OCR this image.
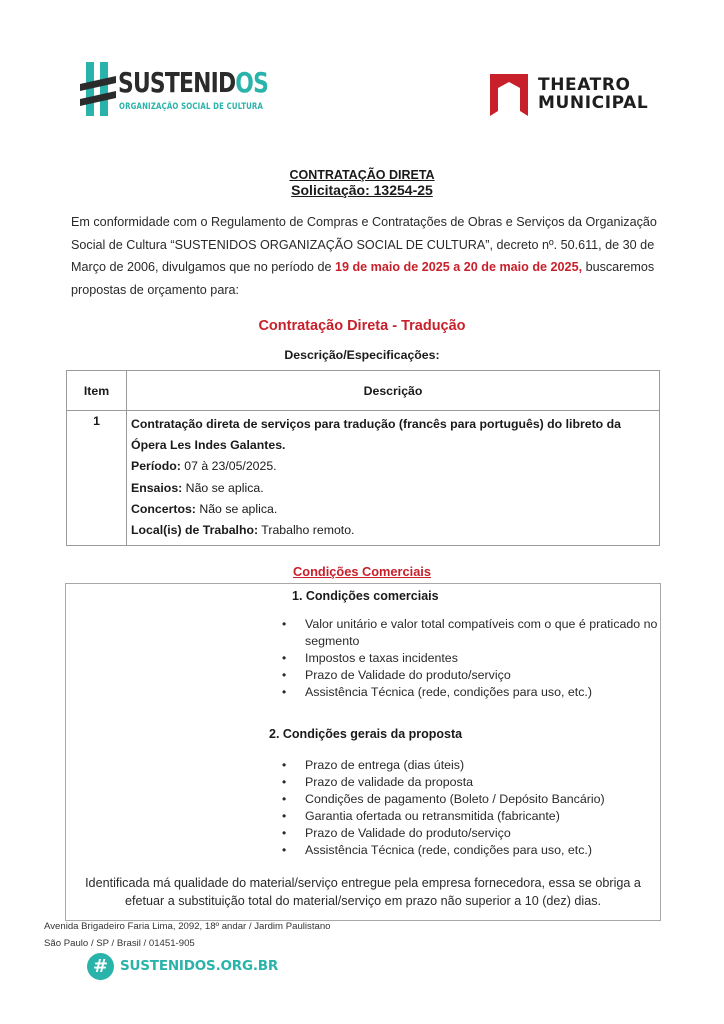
SUSTENIDOS
ORGANIZAÇÃO SOCIAL DE CULTURA
THEATRO
MUNICIPAL
CONTRATAÇÃO DIRETA
Solicitação: 13254-25
Em conformidade com o Regulamento de Compras e Contratações de Obras e Serviços da Organização Social de Cultura “SUSTENIDOS ORGANIZAÇÃO SOCIAL DE CULTURA”, decreto nº. 50.611, de 30 de Março de 2006, divulgamos que no período de 19 de maio de 2025 a 20 de maio de 2025, buscaremos propostas de orçamento para:
Contratação Direta - Tradução
Descrição/Especificações:
Item	Descrição
1	Contratação direta de serviços para tradução (francês para português) do libreto da Ópera Les Indes Galantes.
Período: 07 à 23/05/2025.
Ensaios: Não se aplica.
Concertos: Não se aplica.
Local(is) de Trabalho: Trabalho remoto.
Condições Comerciais
1. Condições comerciais
• Valor unitário e valor total compatíveis com o que é praticado no segmento
• Impostos e taxas incidentes
• Prazo de Validade do produto/serviço
• Assistência Técnica (rede, condições para uso, etc.)
2. Condições gerais da proposta
• Prazo de entrega (dias úteis)
• Prazo de validade da proposta
• Condições de pagamento (Boleto / Depósito Bancário)
• Garantia ofertada ou retransmitida (fabricante)
• Prazo de Validade do produto/serviço
• Assistência Técnica (rede, condições para uso, etc.)
Identificada má qualidade do material/serviço entregue pela empresa fornecedora, essa se obriga a efetuar a substituição total do material/serviço em prazo não superior a 10 (dez) dias.
Avenida Brigadeiro Faria Lima, 2092, 18º andar / Jardim Paulistano
São Paulo / SP / Brasil / 01451-905
# SUSTENIDOS.ORG.BR
